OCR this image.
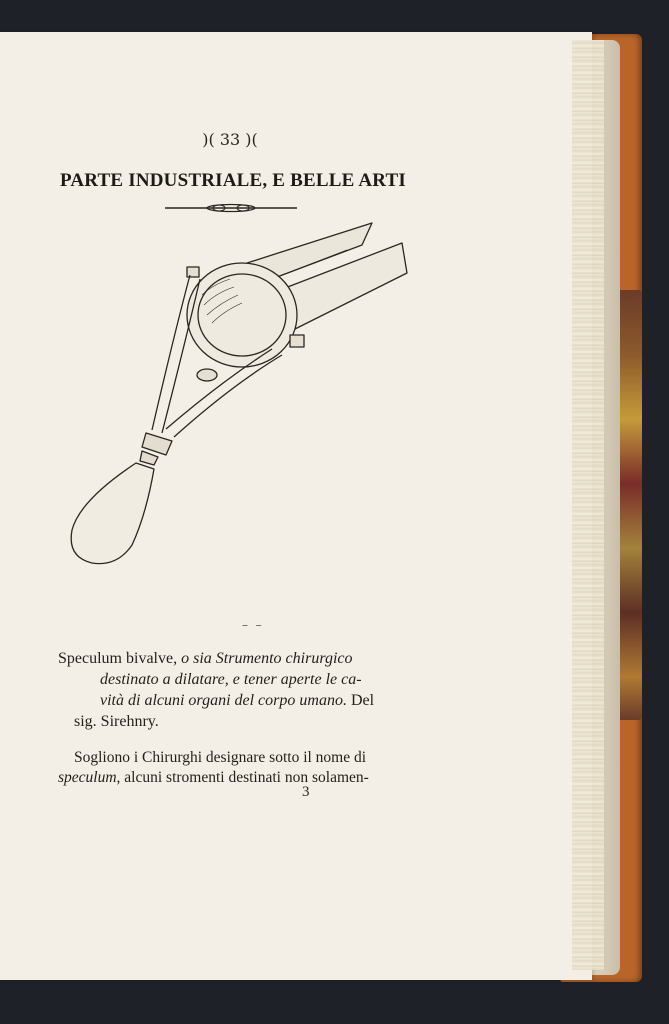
)( 33 )(
PARTE INDUSTRIALE, E BELLE ARTI
–  –
Speculum bivalve, o sia Strumento chirurgico
destinato a dilatare, e tener aperte le ca-
vità di alcuni organi del corpo umano. Del
sig. Sirehnry.
Sogliono i Chirurghi designare sotto il nome di
speculum, alcuni stromenti destinati non solamen-
3
